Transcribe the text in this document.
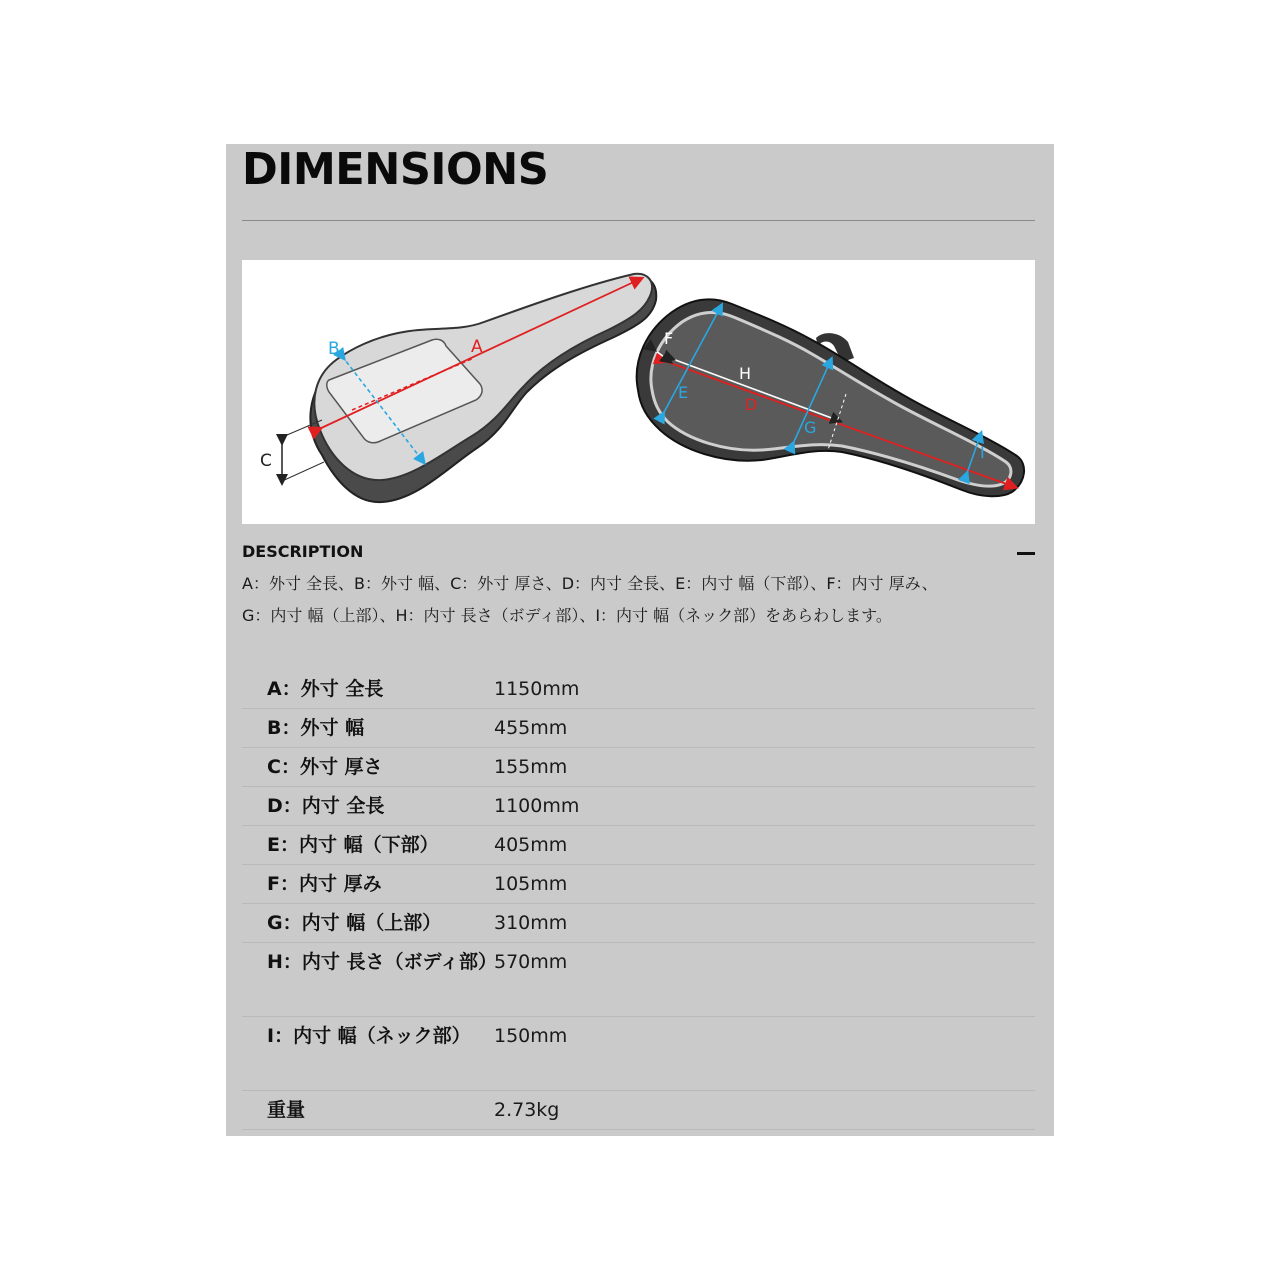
DIMENSIONS
A
B
C
F
E
H
D
G
I
DESCRIPTION
A：外寸 全長、B：外寸 幅、C：外寸 厚さ、D：内寸 全長、E：内寸 幅（下部）、F：内寸 厚み、
G：内寸 幅（上部）、H：内寸 長さ（ボディ部）、I：内寸 幅（ネック部）をあらわします。
A：外寸 全長	1150mm
B：外寸 幅	455mm
C：外寸 厚さ	155mm
D：内寸 全長	1100mm
E：内寸 幅（下部）	405mm
F：内寸 厚み	105mm
G：内寸 幅（上部）	310mm
H：内寸 長さ（ボディ部）	570mm
I：内寸 幅（ネック部）	150mm
重量	2.73kg
